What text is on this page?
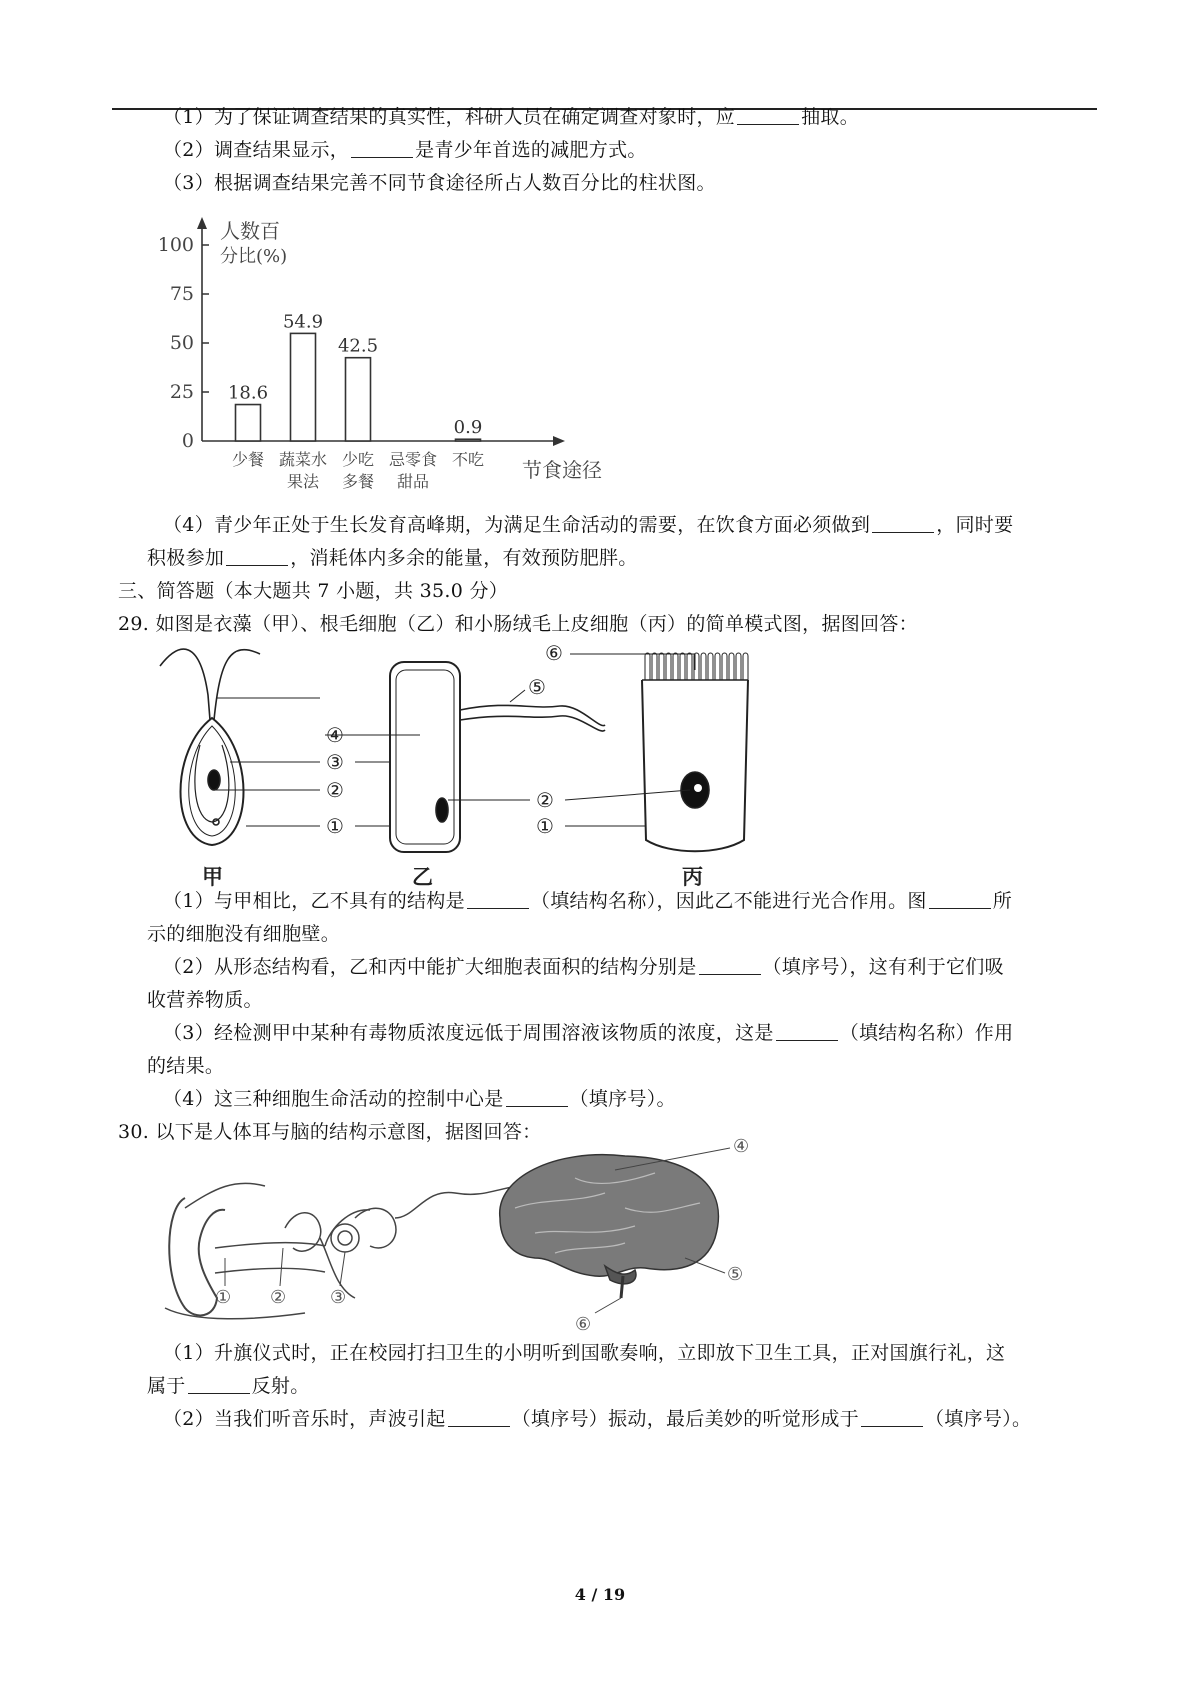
（1）为了保证调查结果的真实性，科研人员在确定调查对象时，应	抽取。
（2）调查结果显示，	是青少年首选的减肥方式。
（3）根据调查结果完善不同节食途径所占人数百分比的柱状图。
0
25
50
75
100
18.6
54.9
42.5
0.9
少餐 蔬菜水
果法
少吃
多餐
忌零食
甜品
不吃
人数百
分比(%)
节食途径
（4）青少年正处于生长发育高峰期，为满足生命活动的需要，在饮食方面必须做到	，同时要
积极参加	，消耗体内多余的能量，有效预防肥胖。
三、简答题（本大题共 7 小题，共 35.0 分）
29. 如图是衣藻（甲）、根毛细胞（乙）和小肠绒毛上皮细胞（丙）的简单模式图，据图回答：
④
③
②
①
⑤
⑥
②
①
甲	乙	丙
（1）与甲相比，乙不具有的结构是	（填结构名称），因此乙不能进行光合作用。图	所
示的细胞没有细胞壁。
（2）从形态结构看，乙和丙中能扩大细胞表面积的结构分别是	（填序号），这有利于它们吸
收营养物质。
（3）经检测甲中某种有毒物质浓度远低于周围溶液该物质的浓度，这是	（填结构名称）作用
的结果。
（4）这三种细胞生命活动的控制中心是	（填序号）。
30. 以下是人体耳与脑的结构示意图，据图回答：
① ② ③
④
⑤
⑥
（1）升旗仪式时，正在校园打扫卫生的小明听到国歌奏响，立即放下卫生工具，正对国旗行礼，这
属于	反射。
（2）当我们听音乐时，声波引起	（填序号）振动，最后美妙的听觉形成于	（填序号）。
4 / 19
